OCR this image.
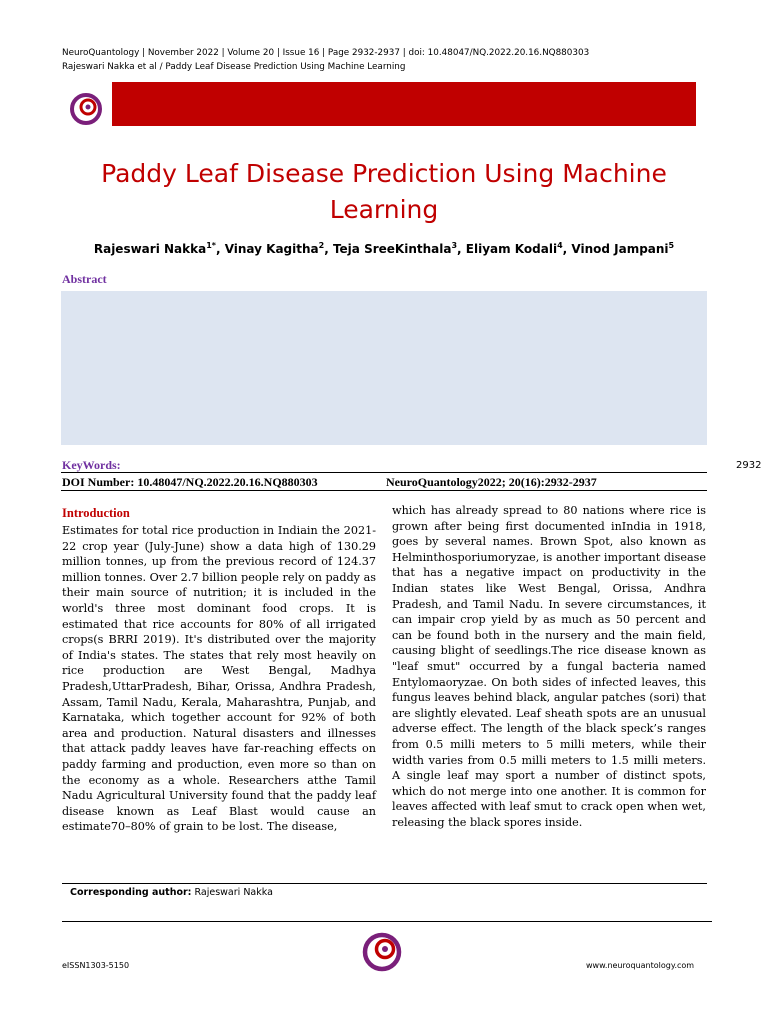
NeuroQuantology | November 2022 | Volume 20 | Issue 16 | Page 2932-2937 | doi: 10.48047/NQ.2022.20.16.NQ880303
Rajeswari Nakka et al / Paddy Leaf Disease Prediction Using Machine Learning
Paddy Leaf Disease Prediction Using Machine Learning
Rajeswari Nakka$^{1*}$, Vinay Kagitha$^2$, Teja SreeKinthala$^3$, Eliyam Kodali$^4$, Vinod Jampani$^5$
Abstract
KeyWords:	2932
DOI Number: 10.48047/NQ.2022.20.16.NQ880303	NeuroQuantology2022; 20(16):2932-2937
Introduction

Estimates for total rice production in Indiain the 2021-22 crop year (July-June) show a data high of 130.29 million tonnes, up from the previous record of 124.37 million tonnes. Over 2.7 billion people rely on paddy as their main source of nutrition; it is included in the world's three most dominant food crops. It is estimated that rice accounts for 80% of all irrigated crops(s BRRI 2019). It's distributed over the majority of India's states. The states that rely most heavily on rice production are West Bengal, Madhya Pradesh,UttarPradesh, Bihar, Orissa, Andhra Pradesh, Assam, Tamil Nadu, Kerala, Maharashtra, Punjab, and Karnataka, which together account for 92% of both area and production. Natural disasters and illnesses that attack paddy leaves have far-reaching effects on paddy farming and production, even more so than on the economy as a whole. Researchers atthe Tamil Nadu Agricultural University found that the paddy leaf disease known as Leaf Blast would cause an estimate70–80% of grain to be lost. The disease,

which has already spread to 80 nations where rice is grown after being first documented inIndia in 1918, goes by several names. Brown Spot, also known as Helminthosporiumoryzae, is another important disease that has a negative impact on productivity in the Indian states like West Bengal, Orissa, Andhra Pradesh, and Tamil Nadu. In severe circumstances, it can impair crop yield by as much as 50 percent and can be found both in the nursery and the main field, causing blight of seedlings.The rice disease known as "leaf smut" occurred by a fungal bacteria named Entylomaoryzae. On both sides of infected leaves, this fungus leaves behind black, angular patches (sori) that are slightly elevated. Leaf sheath spots are an unusual adverse effect. The length of the black speck’s ranges from 0.5 milli meters to 5 milli meters, while their width varies from 0.5 milli meters to 1.5 milli meters. A single leaf may sport a number of distinct spots, which do not merge into one another. It is common for leaves affected with leaf smut to crack open when wet, releasing the black spores inside.

Corresponding author: Rajeswari Nakka
eISSN1303-5150	www.neuroquantology.com
